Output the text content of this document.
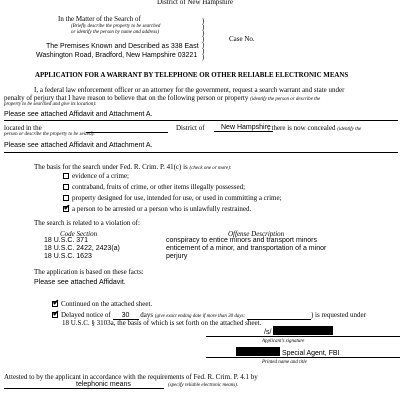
District of New Hampshire
In the Matter of the Search of
(Briefly describe the property to be searched
or identify the person by name and address)
The Premises Known and Described as 338 East
Washington Road, Bradford, New Hampshire 03221
)
)
)
)
)
)
)
Case No.
APPLICATION FOR A WARRANT BY TELEPHONE OR OTHER RELIABLE ELECTRONIC MEANS
I, a federal law enforcement officer or an attorney for the government, request a search warrant and state under
penalty of perjury that I have reason to believe that on the following person or property (identify the person or describe the
property to be searched and give its location):
Please see attached Affidavit and Attachment A.
located in the	District of	New Hampshire
, there is now concealed (identify the
person or describe the property to be seized):
Please see attached Affidavit and Attachment A.
The basis for the search under Fed. R. Crim. P. 41(c) is (check one or more):
evidence of a crime;
contraband, fruits of crime, or other items illegally possessed;
property designed for use, intended for use, or used in committing a crime;
✔a person to be arrested or a person who is unlawfully restrained.
The search is related to a violation of:
Code Section	Offense Description
18 U.S.C. 371	conspiracy to entice minors and transport minors
18 U.S.C. 2422, 2423(a)	enticement of a minor, and transportation of a minor
18 U.S.C. 1623	perjury
The application is based on these facts:
Please see attached Affidavit.
✔Continued on the attached sheet.
✔Delayed notice of 30 days (give exact ending date if more than 30 days:	) is requested under
18 U.S.C. § 3103a, the basis of which is set forth on the attached sheet.
/s/
Applicant’s signature
Special Agent, FBI
Printed name and title
Attested to by the applicant in accordance with the requirements of Fed. R. Crim. P. 4.1 by
telephonic means	(specify reliable electronic means).
